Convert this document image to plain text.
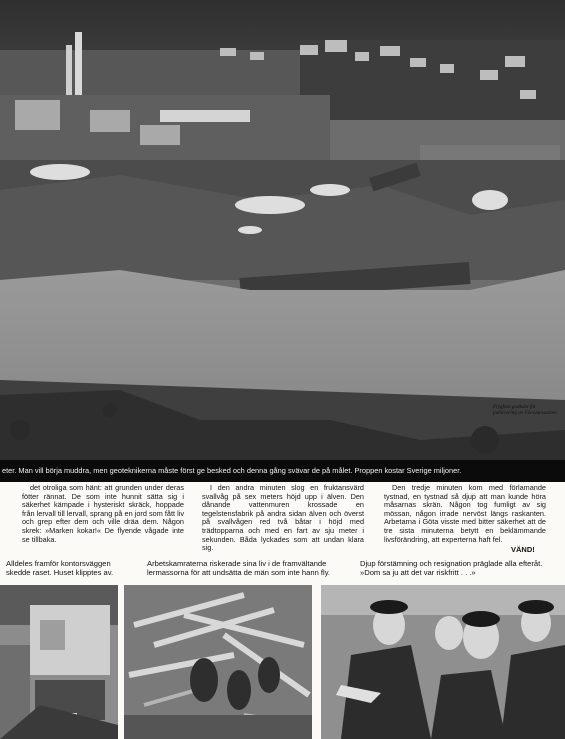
Flygfoto godkänt för publicering av Försvarsstaben
eter. Man vill börja muddra, men geoteknikerna måste först ge besked och denna gång svävar de på målet. Proppen kostar Sverige miljoner.
det otroliga som hänt: att grunden under deras fötter rännat. De som inte hunnit sätta sig i säkerhet kämpade i hysteriskt skräck, hoppade från lervall till lervall, sprang på en jord som fått liv och grep efter dem och ville dräa dem. Någon skrek: »Marken kokar!« De flyende vågade inte se tillbaka.
I den andra minuten slog en fruktansvärd svallvåg på sex meters höjd upp i älven. Den dånande vattenmuren krossade en tegelstensfabrik på andra sidan älven och överst på svallvågen red två båtar i höjd med trädtopparna och med en fart av sju meter i sekunden. Båda lyckades som att undan klara sig.
Den tredje minuten kom med förlamande tystnad, en tystnad så djup att man kunde höra måsarnas skrän. Någon tog fumligt av sig mössan, någon irrade nervöst längs raskanten. Arbetarna i Göta visste med bitter säkerhet att de tre sista minuterna betytt en beklämmande livsförändring, att experterna haft fel.
VÄND!
Alldeles framför kontorsväggen skedde raset. Huset klipptes av.
Arbetskamraterna riskerade sina liv i de framvältande lermassorna för att undsätta de män som inte hann fly.
Djup förstämning och resignation präglade alla efteråt. »Dom sa ju att det var riskfritt . . .»
